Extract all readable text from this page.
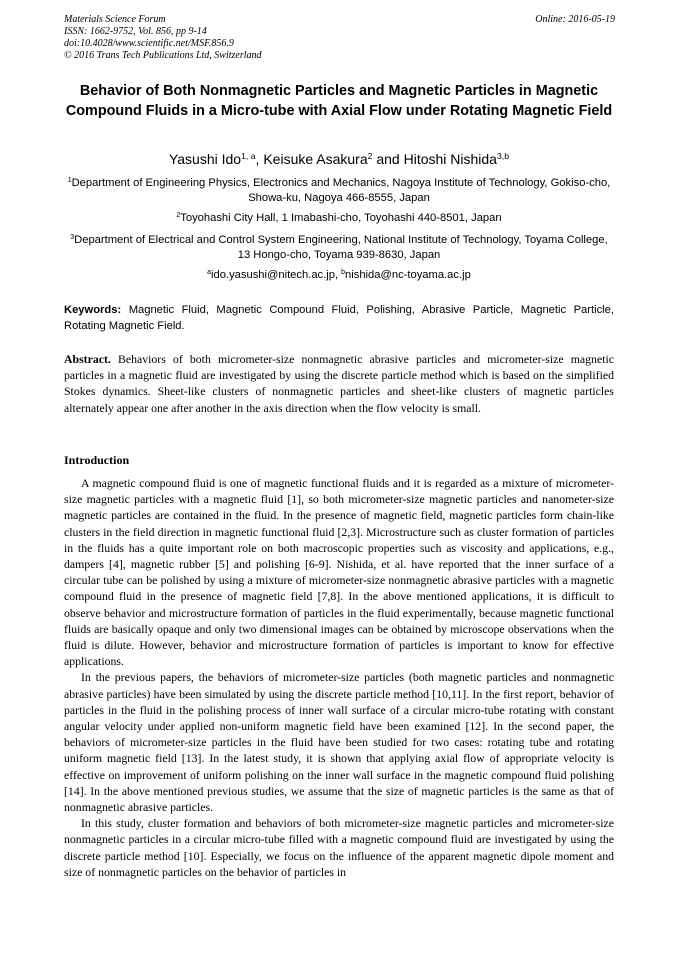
Materials Science Forum
ISSN: 1662-9752, Vol. 856, pp 9-14
doi:10.4028/www.scientific.net/MSF.856.9
© 2016 Trans Tech Publications Ltd, Switzerland
Online: 2016-05-19
Behavior of Both Nonmagnetic Particles and Magnetic Particles in Magnetic Compound Fluids in a Micro-tube with Axial Flow under Rotating Magnetic Field
Yasushi Ido$^{1, a}$, Keisuke Asakura$^2$ and Hitoshi Nishida$^{3,b}$
$^1$Department of Engineering Physics, Electronics and Mechanics, Nagoya Institute of Technology, Gokiso-cho, Showa-ku, Nagoya 466-8555, Japan
$^2$Toyohashi City Hall, 1 Imabashi-cho, Toyohashi 440-8501, Japan
$^3$Department of Electrical and Control System Engineering, National Institute of Technology, Toyama College, 13 Hongo-cho, Toyama 939-8630, Japan
$^a$ido.yasushi@nitech.ac.jp, $^b$nishida@nc-toyama.ac.jp
Keywords: Magnetic Fluid, Magnetic Compound Fluid, Polishing, Abrasive Particle, Magnetic Particle, Rotating Magnetic Field.
Abstract. Behaviors of both micrometer-size nonmagnetic abrasive particles and micrometer-size magnetic particles in a magnetic fluid are investigated by using the discrete particle method which is based on the simplified Stokes dynamics. Sheet-like clusters of nonmagnetic particles and sheet-like clusters of magnetic particles alternately appear one after another in the axis direction when the flow velocity is small.
Introduction

A magnetic compound fluid is one of magnetic functional fluids and it is regarded as a mixture of micrometer-size magnetic particles with a magnetic fluid [1], so both micrometer-size magnetic particles and nanometer-size magnetic particles are contained in the fluid. In the presence of magnetic field, magnetic particles form chain-like clusters in the field direction in magnetic functional fluid [2,3]. Microstructure such as cluster formation of particles in the fluids has a quite important role on both macroscopic properties such as viscosity and applications, e.g., dampers [4], magnetic rubber [5] and polishing [6-9]. Nishida, et al. have reported that the inner surface of a circular tube can be polished by using a mixture of micrometer-size nonmagnetic abrasive particles with a magnetic compound fluid in the presence of magnetic field [7,8]. In the above mentioned applications, it is difficult to observe behavior and microstructure formation of particles in the fluid experimentally, because magnetic functional fluids are basically opaque and only two dimensional images can be obtained by microscope observations when the fluid is dilute. However, behavior and microstructure formation of particles is important to know for effective applications.

In the previous papers, the behaviors of micrometer-size particles (both magnetic particles and nonmagnetic abrasive particles) have been simulated by using the discrete particle method [10,11]. In the first report, behavior of particles in the fluid in the polishing process of inner wall surface of a circular micro-tube rotating with constant angular velocity under applied non-uniform magnetic field have been examined [12]. In the second paper, the behaviors of micrometer-size particles in the fluid have been studied for two cases: rotating tube and rotating uniform magnetic field [13]. In the latest study, it is shown that applying axial flow of appropriate velocity is effective on improvement of uniform polishing on the inner wall surface in the magnetic compound fluid polishing [14]. In the above mentioned previous studies, we assume that the size of magnetic particles is the same as that of nonmagnetic abrasive particles.

In this study, cluster formation and behaviors of both micrometer-size magnetic particles and micrometer-size nonmagnetic particles in a circular micro-tube filled with a magnetic compound fluid are investigated by using the discrete particle method [10]. Especially, we focus on the influence of the apparent magnetic dipole moment and size of nonmagnetic particles on the behavior of particles in
